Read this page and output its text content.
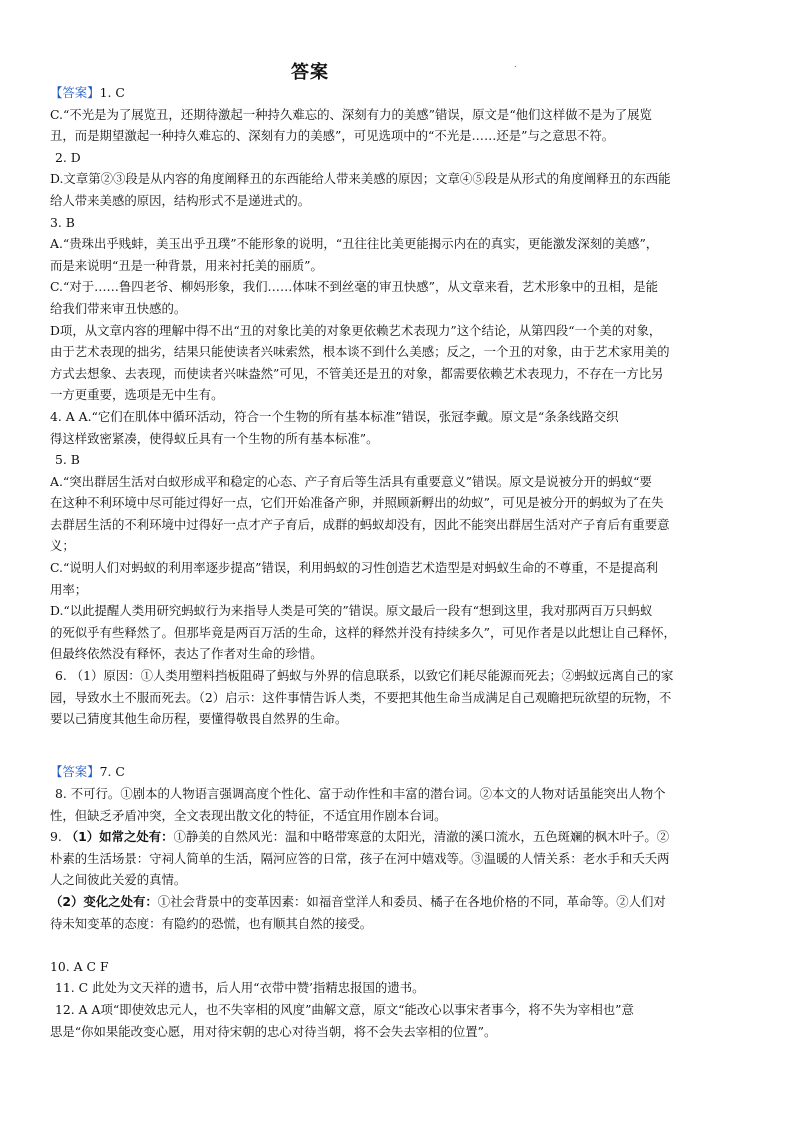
答案	.
【答案】1. C
C.“不光是为了展览丑，还期待激起一种持久难忘的、深刻有力的美感”错误，原文是“他们这样做不是为了展览
丑，而是期望激起一种持久难忘的、深刻有力的美感”，可见选项中的“不光是……还是”与之意思不符。
2. D
D.文章第②③段是从内容的角度阐释丑的东西能给人带来美感的原因；文章④⑤段是从形式的角度阐释丑的东西能
给人带来美感的原因，结构形式不是递进式的。
3. B
A.“贵珠出乎贱蚌，美玉出乎丑璞”不能形象的说明，“丑往往比美更能揭示内在的真实，更能激发深刻的美感”，
而是来说明“丑是一种背景，用来衬托美的丽质”。
C.“对于……鲁四老爷、柳妈形象，我们……体味不到丝毫的审丑快感”，从文章来看，艺术形象中的丑相，是能
给我们带来审丑快感的。
D项，从文章内容的理解中得不出“丑的对象比美的对象更依赖艺术表现力”这个结论，从第四段“一个美的对象，
由于艺术表现的拙劣，结果只能使读者兴味索然，根本谈不到什么美感；反之，一个丑的对象，由于艺术家用美的
方式去想象、去表现，而使读者兴味盎然”可见，不管美还是丑的对象，都需要依赖艺术表现力，不存在一方比另
一方更重要，选项是无中生有。
4. A A.“它们在肌体中循环活动，符合一个生物的所有基本标准”错误，张冠李戴。原文是“条条线路交织
得这样致密紧凑，使得蚁丘具有一个生物的所有基本标准”。
5. B
A.“突出群居生活对白蚁形成平和稳定的心态、产子育后等生活具有重要意义”错误。原文是说被分开的蚂蚁“要
在这种不利环境中尽可能过得好一点，它们开始准备产卵，并照顾新孵出的幼蚁”，可见是被分开的蚂蚁为了在失
去群居生活的不利环境中过得好一点才产子育后，成群的蚂蚁却没有，因此不能突出群居生活对产子育后有重要意
义；
C.“说明人们对蚂蚁的利用率逐步提高”错误，利用蚂蚁的习性创造艺术造型是对蚂蚁生命的不尊重，不是提高利
用率；
D.“以此提醒人类用研究蚂蚁行为来指导人类是可笑的”错误。原文最后一段有“想到这里，我对那两百万只蚂蚁
的死似乎有些释然了。但那毕竟是两百万活的生命，这样的释然并没有持续多久”，可见作者是以此想让自己释怀，
但最终依然没有释怀，表达了作者对生命的珍惜。
6. （1）原因：①人类用塑料挡板阻碍了蚂蚁与外界的信息联系，以致它们耗尽能源而死去；②蚂蚁远离自己的家
园，导致水土不服而死去。（2）启示：这件事情告诉人类，不要把其他生命当成满足自己观瞻把玩欲望的玩物，不
要以己猜度其他生命历程，要懂得敬畏自然界的生命。
【答案】7. C
8. 不可行。①剧本的人物语言强调高度个性化、富于动作性和丰富的潜台词。②本文的人物对话虽能突出人物个
性，但缺乏矛盾冲突，全文表现出散文化的特征，不适宜用作剧本台词。
9. （1）如常之处有：①静美的自然风光：温和中略带寒意的太阳光，清澈的溪口流水，五色斑斓的枫木叶子。②
朴素的生活场景：守祠人简单的生活，隔河应答的日常，孩子在河中嬉戏等。③温暖的人情关系：老水手和夭夭两
人之间彼此关爱的真情。
（2）变化之处有：①社会背景中的变革因素：如福音堂洋人和委员、橘子在各地价格的不同，革命等。②人们对
待未知变革的态度：有隐约的恐慌，也有顺其自然的接受。
10. A C F
11. C 此处为文天祥的遗书，后人用“衣带中赞’指精忠报国的遗书。
12. A A项“即使效忠元人，也不失宰相的风度”曲解文意，原文“能改心以事宋者事今，将不失为宰相也”意
思是“你如果能改变心愿，用对待宋朝的忠心对待当朝，将不会失去宰相的位置”。
